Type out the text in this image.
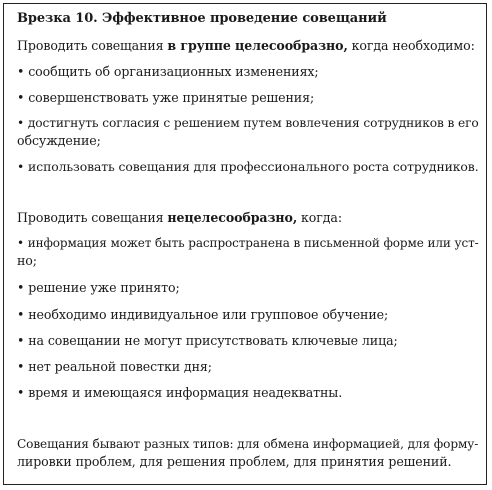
Врезка 10. Эффективное проведение совещаний
Проводить совещания в группе целесообразно, когда необходимо:
• сообщить об организационных изменениях;
• совершенствовать уже принятые решения;
• достигнуть согласия с решением путем вовлечения сотрудников в его
обсуждение;
• использовать совещания для профессионального роста сотрудников.
Проводить совещания нецелесообразно, когда:
• информация может быть распространена в письменной форме или уст-
но;
• решение уже принято;
• необходимо индивидуальное или групповое обучение;
• на совещании не могут присутствовать ключевые лица;
• нет реальной повестки дня;
• время и имеющаяся информация неадекватны.
Совещания бывают разных типов: для обмена информацией, для форму-
лировки проблем, для решения проблем, для принятия решений.
